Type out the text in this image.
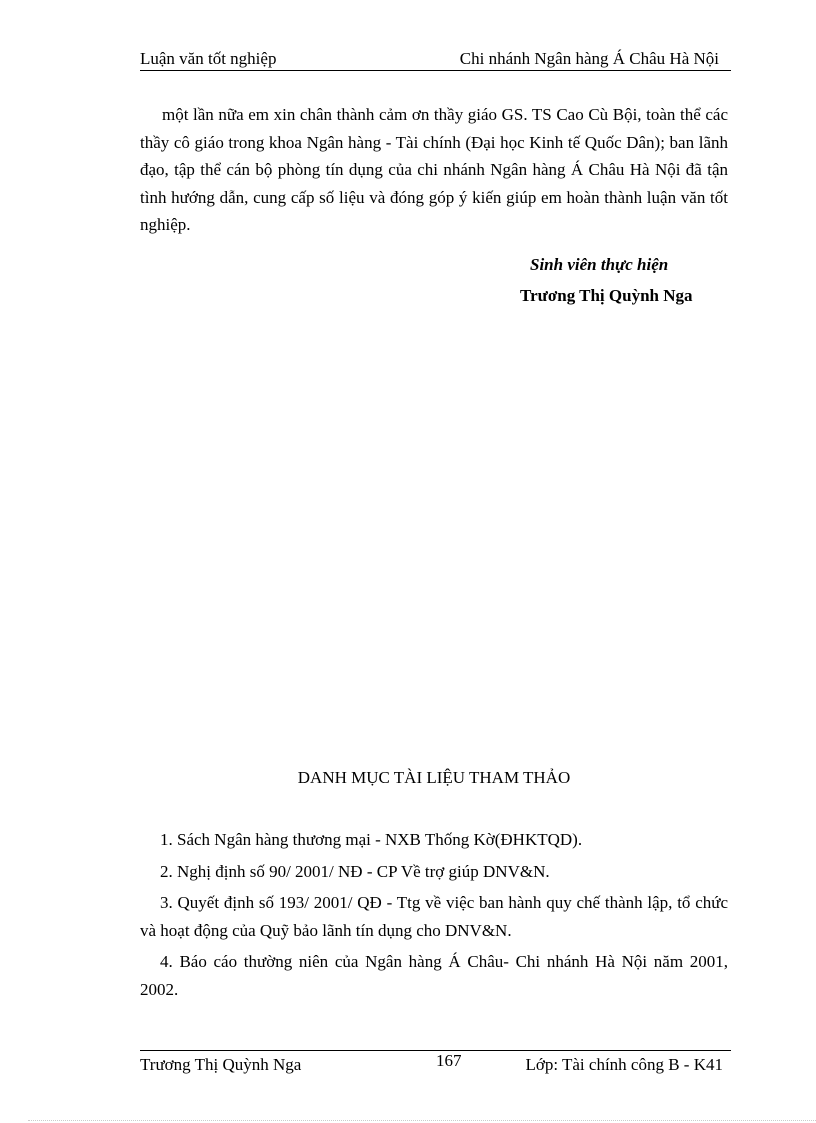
Luận văn tốt nghiệp	Chi nhánh Ngân hàng Á Châu Hà Nội

một lần nữa em xin chân thành cảm ơn thầy giáo GS. TS Cao Cù Bội, toàn thể các thầy cô giáo trong khoa Ngân hàng - Tài chính (Đại học Kinh tế Quốc Dân); ban lãnh đạo, tập thể cán bộ phòng tín dụng của chi nhánh Ngân hàng Á Châu Hà Nội đã tận tình hướng dẫn, cung cấp số liệu và đóng góp ý kiến giúp em hoàn thành luận văn tốt nghiệp.

Sinh viên thực hiện
Trương Thị Quỳnh Nga
DANH MỤC TÀI LIỆU THAM THẢO
1. Sách Ngân hàng thương mại - NXB Thống Kờ(ĐHKTQD).
2. Nghị định số 90/ 2001/ NĐ - CP Về trợ giúp DNV&N.
3. Quyết định số 193/ 2001/ QĐ - Ttg về việc ban hành quy chế thành lập, tổ chức và hoạt động của Quỹ bảo lãnh tín dụng cho DNV&N.
4. Báo cáo thường niên của Ngân hàng Á Châu- Chi nhánh Hà Nội năm 2001, 2002.
Trương Thị Quỳnh Nga	167	Lớp: Tài chính công B - K41
